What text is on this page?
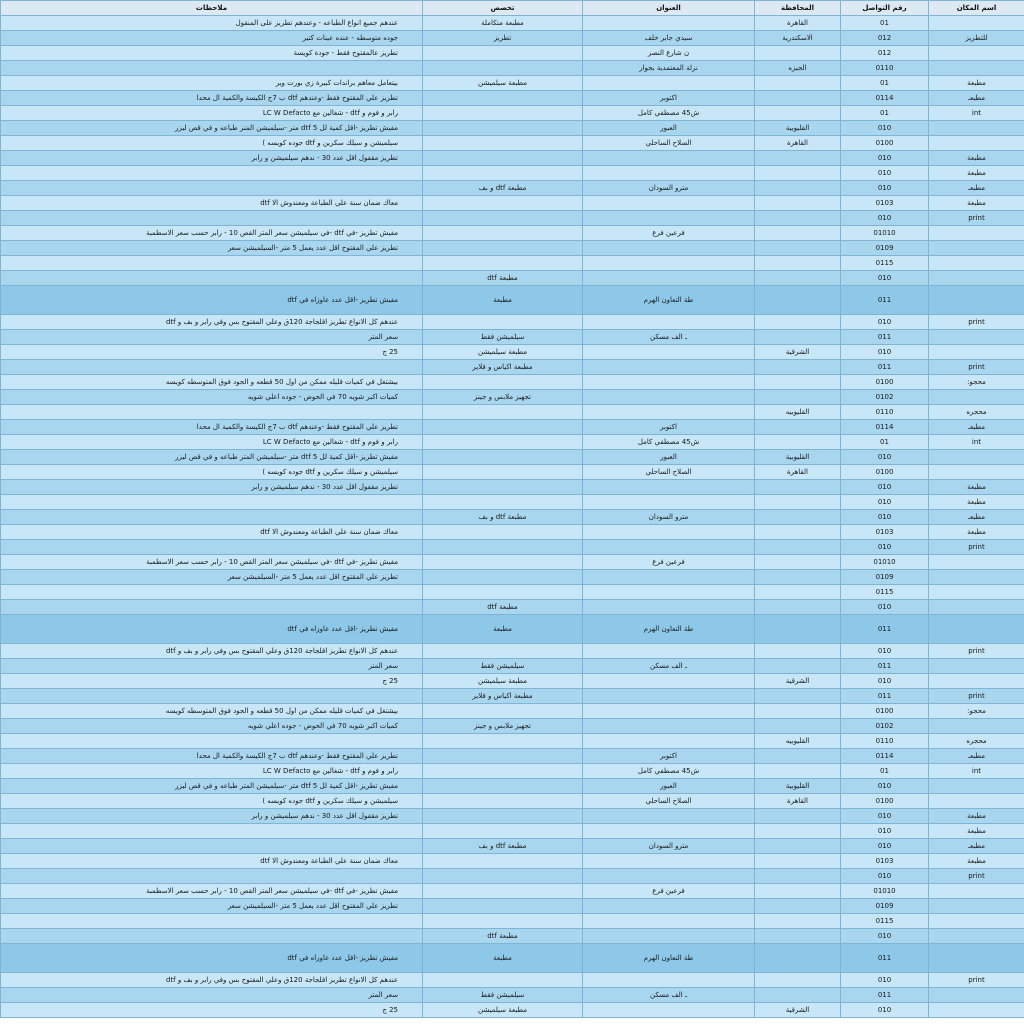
اسم المكان	رقم التواصل	المحافظة	العنوان	تخصص	ملاحظات
	01	القاهرة		مطبعة متكاملة	عندهم جميع انواع الطباعه - وعندهم تطريز على المنقول
للتطريز	012	الاسكندرية	سيدي جابر خلف	تطريز	جوده متوسطه - عنده عينات كتير
	012		ن شارع النصر		تطريز عالمقتوح فقط - جودة كويسة
	0110	الجيزه	نزلة المعتمدية بجوار		
مطبعة	01			مطبعة سيلميشن	بيتعامل معاهم براندات كبيرة زي بورت وير
مطبعـ	0114		اكتوبر		تطريز علي المقتوح فقط -وعندهم dtf ب 7ج الكيسة والكمية ال محدا
int	01		ش45 مصطفي كامل		رابر و فوم و dtf - شغالين مع LC W Defacto
	010	القليوبية	العبور		مفيش تطريز -اقل كمية لل dtf 5 متر -سيلميشن المتر طباعه و في قص ليزر
	0100	القاهرة	الصلاح الساحلي		سيلميشن و سيلك سكرين و dtf جوده كويسه )
مطبعة	010				تطريز مقفول اقل عدد 30 - ندهم سيلميشن و رابر
مطبعة	010				
مطبعـ	010		مترو السودان	مطبعة dtf و بف	
مطبعة	0103				معاك ضمان سنة علي الطباعة ومعندوش الا dtf
print	010				
	01010		فرعين فرع		مفيش تطريز -في dtf -في سيلميشن سعر المتر القص 10 - رابر حسب سعر الاسطمبة
	0109				تطريز علي المقتوح اقل عدد يعمل 5 متر -السيلميشن سعر
	0115				
	010			مطبعة dtf	
	011		طة التعاون الهرم	مطبعة	مفيش تطريز -اقل عدد عاوزاه في dtf
print	010				عندهم كل الانواع تطريز اقلجاجة 120ق وعلي المقتوح بس وفي رابر و بف و dtf
	011		ـ الف مسكن	سيلميشن فقط	سعر المتر
	010	الشرقية		مطبعة سيلميشن	25 ج
print	011			مطبعة اكياس و فلاير	
محجو:	0100				بيشتغل في كميات قليله ممكن من اول 50 قطعه و الجود فوق المتوسطه كويسه
	0102			تجهيز ملابس و جينز	كميات اكبر شويه 70 في الحوض - جوده اعلي شويه
محجره	0110	القليوبيه			
مطبعـ	0114		اكتوبر		تطريز علي المقتوح فقط -وعندهم dtf ب 7ج الكيسة والكمية ال محدا
int	01		ش45 مصطفي كامل		رابر و فوم و dtf - شغالين مع LC W Defacto
	010	القليوبية	العبور		مفيش تطريز -اقل كمية لل dtf 5 متر -سيلميشن المتر طباعه و في قص ليزر
	0100	القاهرة	الصلاح الساحلي		سيلميشن و سيلك سكرين و dtf جوده كويسه )
مطبعة	010				تطريز مقفول اقل عدد 30 - ندهم سيلميشن و رابر
مطبعة	010				
مطبعـ	010		مترو السودان	مطبعة dtf و بف	
مطبعة	0103				معاك ضمان سنة علي الطباعة ومعندوش الا dtf
print	010				
	01010		فرعين فرع		مفيش تطريز -في dtf -في سيلميشن سعر المتر القص 10 - رابر حسب سعر الاسطمبة
	0109				تطريز علي المقتوح اقل عدد يعمل 5 متر -السيلميشن سعر
	0115				
	010			مطبعة dtf	
	011		طة التعاون الهرم	مطبعة	مفيش تطريز -اقل عدد عاوزاه في dtf
print	010				عندهم كل الانواع تطريز اقلجاجة 120ق وعلي المقتوح بس وفي رابر و بف و dtf
	011		ـ الف مسكن	سيلميشن فقط	سعر المتر
	010	الشرقية		مطبعة سيلميشن	25 ج
print	011			مطبعة اكياس و فلاير	
محجو:	0100				بيشتغل في كميات قليله ممكن من اول 50 قطعه و الجود فوق المتوسطه كويسه
	0102			تجهيز ملابس و جينز	كميات اكبر شويه 70 في الحوض - جوده اعلي شويه
محجره	0110	القليوبيه			
مطبعـ	0114		اكتوبر		تطريز علي المقتوح فقط -وعندهم dtf ب 7ج الكيسة والكمية ال محدا
int	01		ش45 مصطفي كامل		رابر و فوم و dtf - شغالين مع LC W Defacto
	010	القليوبية	العبور		مفيش تطريز -اقل كمية لل dtf 5 متر -سيلميشن المتر طباعه و في قص ليزر
	0100	القاهرة	الصلاح الساحلي		سيلميشن و سيلك سكرين و dtf جوده كويسه )
مطبعة	010				تطريز مقفول اقل عدد 30 - ندهم سيلميشن و رابر
مطبعة	010				
مطبعـ	010		مترو السودان	مطبعة dtf و بف	
مطبعة	0103				معاك ضمان سنة علي الطباعة ومعندوش الا dtf
print	010				
	01010		فرعين فرع		مفيش تطريز -في dtf -في سيلميشن سعر المتر القص 10 - رابر حسب سعر الاسطمبة
	0109				تطريز علي المقتوح اقل عدد يعمل 5 متر -السيلميشن سعر
	0115				
	010			مطبعة dtf	
	011		طة التعاون الهرم	مطبعة	مفيش تطريز -اقل عدد عاوزاه في dtf
print	010				عندهم كل الانواع تطريز اقلجاجة 120ق وعلي المقتوح بس وفي رابر و بف و dtf
	011		ـ الف مسكن	سيلميشن فقط	سعر المتر
	010	الشرقية		مطبعة سيلميشن	25 ج
